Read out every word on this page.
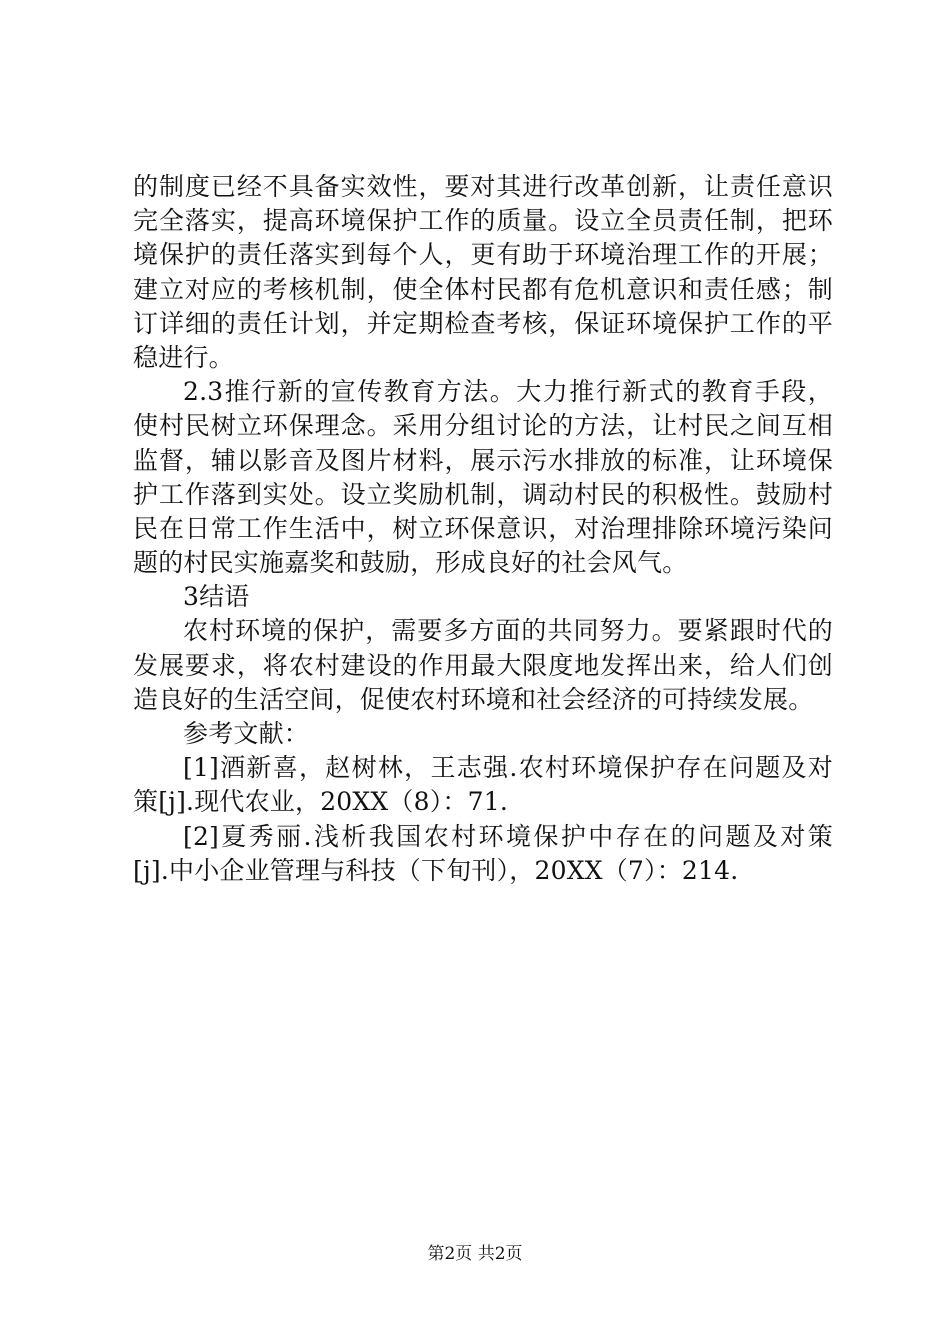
的制度已经不具备实效性，要对其进行改革创新，让责任意识
完全落实，提高环境保护工作的质量。设立全员责任制，把环
境保护的责任落实到每个人，更有助于环境治理工作的开展；
建立对应的考核机制，使全体村民都有危机意识和责任感；制
订详细的责任计划，并定期检查考核，保证环境保护工作的平
稳进行。
2.3推行新的宣传教育方法。大力推行新式的教育手段，
使村民树立环保理念。采用分组讨论的方法，让村民之间互相
监督，辅以影音及图片材料，展示污水排放的标准，让环境保
护工作落到实处。设立奖励机制，调动村民的积极性。鼓励村
民在日常工作生活中，树立环保意识，对治理排除环境污染问
题的村民实施嘉奖和鼓励，形成良好的社会风气。
3结语
农村环境的保护，需要多方面的共同努力。要紧跟时代的
发展要求，将农村建设的作用最大限度地发挥出来，给人们创
造良好的生活空间，促使农村环境和社会经济的可持续发展。
参考文献：
[1]酒新喜，赵树林，王志强.农村环境保护存在问题及对
策[j].现代农业，20XX（8）：71.
[2]夏秀丽.浅析我国农村环境保护中存在的问题及对策
[j].中小企业管理与科技（下旬刊），20XX（7）：214.
第2页 共2页
